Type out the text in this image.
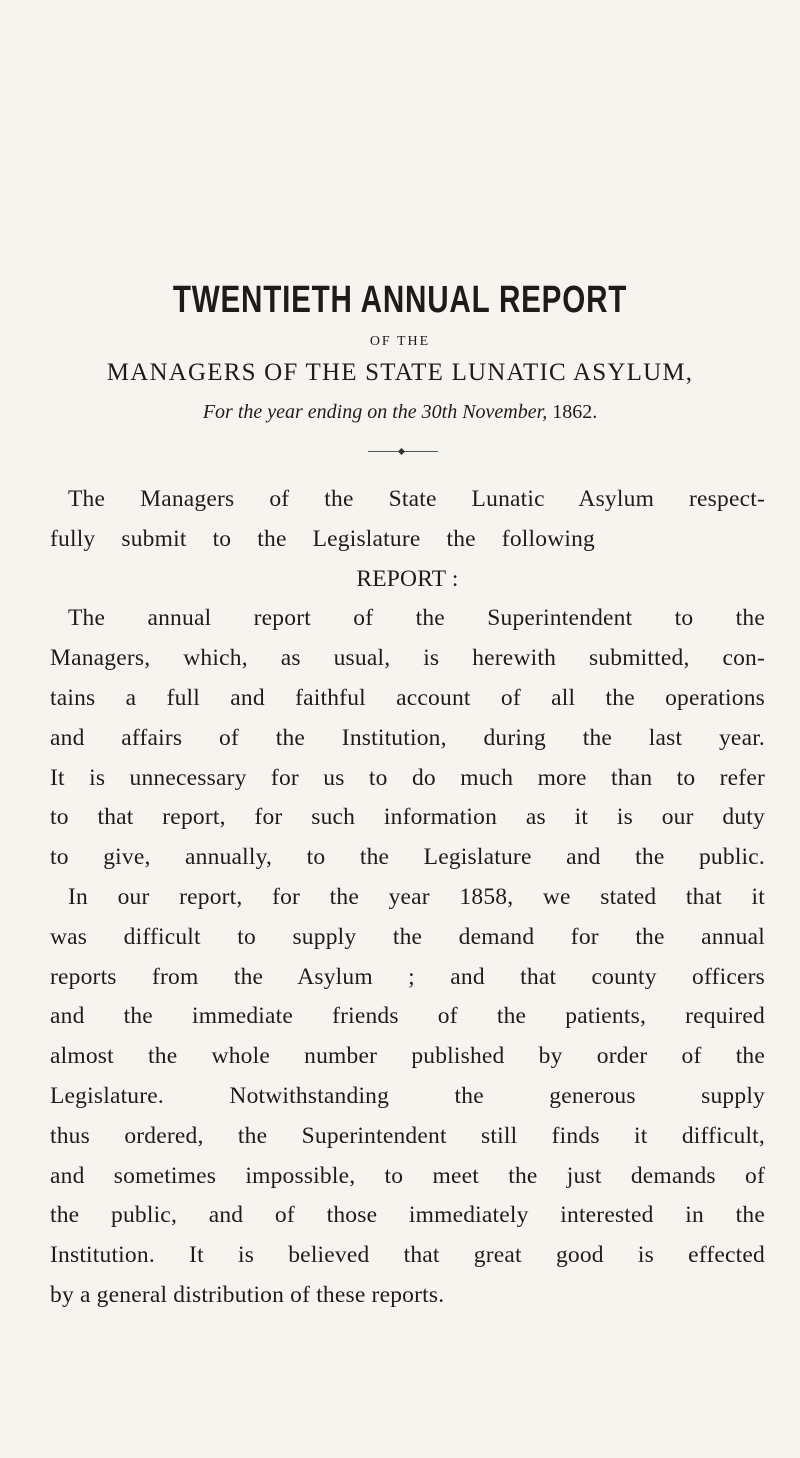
TWENTIETH ANNUAL REPORT
OF THE
MANAGERS OF THE STATE LUNATIC ASYLUM,
For the year ending on the 30th November, 1862.
The Managers of the State Lunatic Asylum respect-
fully submit to the Legislature the following
REPORT :
The annual report of the Superintendent to the
Managers, which, as usual, is herewith submitted, con-
tains a full and faithful account of all the operations
and affairs of the Institution, during the last year.
It is unnecessary for us to do much more than to refer
to that report, for such information as it is our duty
to give, annually, to the Legislature and the public.
In our report, for the year 1858, we stated that it
was difficult to supply the demand for the annual
reports from the Asylum ; and that county officers
and the immediate friends of the patients, required
almost the whole number published by order of the
Legislature. Notwithstanding the generous supply
thus ordered, the Superintendent still finds it difficult,
and sometimes impossible, to meet the just demands of
the public, and of those immediately interested in the
Institution. It is believed that great good is effected
by a general distribution of these reports.
